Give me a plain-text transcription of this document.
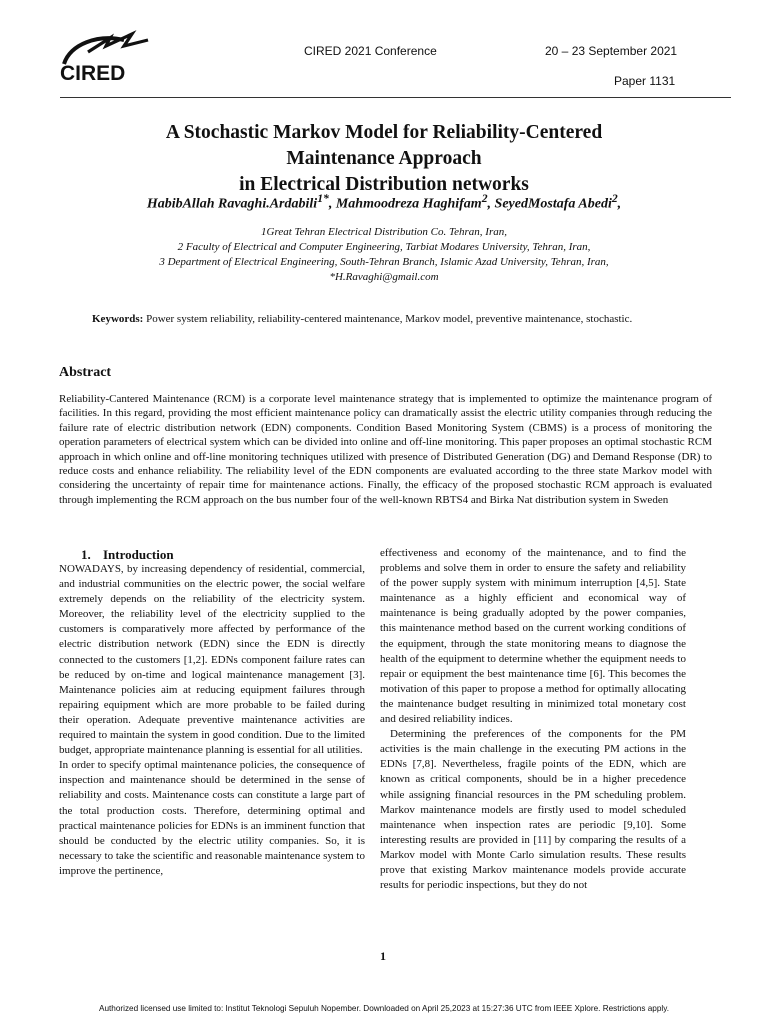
CIRED
CIRED 2021 Conference	20 – 23 September 2021
Paper 1131
A Stochastic Markov Model for Reliability-Centered
Maintenance Approach
in Electrical Distribution networks
HabibAllah Ravaghi.Ardabili$^{1*}$, Mahmoodreza Haghifam$^2$, SeyedMostafa Abedi$^2$,
1Great Tehran Electrical Distribution Co. Tehran, Iran,
2 Faculty of Electrical and Computer Engineering, Tarbiat Modares University, Tehran, Iran,
3 Department of Electrical Engineering, South-Tehran Branch, Islamic Azad University, Tehran, Iran,
*H.Ravaghi@gmail.com
Keywords: Power system reliability, reliability-centered maintenance, Markov model, preventive maintenance, stochastic.
Abstract
Reliability-Cantered Maintenance (RCM) is a corporate level maintenance strategy that is implemented to optimize the maintenance program of facilities. In this regard, providing the most efficient maintenance policy can dramatically assist the electric utility companies through reducing the failure rate of electric distribution network (EDN) components. Condition Based Monitoring System (CBMS) is a process of monitoring the operation parameters of electrical system which can be divided into online and off-line monitoring. This paper proposes an optimal stochastic RCM approach in which online and off-line monitoring techniques utilized with presence of Distributed Generation (DG) and Demand Response (DR) to reduce costs and enhance reliability. The reliability level of the EDN components are evaluated according to the three state Markov model with considering the uncertainty of repair time for maintenance actions. Finally, the efficacy of the proposed stochastic RCM approach is evaluated through implementing the RCM approach on the bus number four of the well-known RBTS4 and Birka Nat distribution system in Sweden
1. Introduction

NOWADAYS, by increasing dependency of residential, commercial, and industrial communities on the electric power, the social welfare extremely depends on the reliability of the electricity system. Moreover, the reliability level of the electricity supplied to the customers is comparatively more affected by performance of the electric distribution network (EDN) since the EDN is directly connected to the customers [1,2]. EDNs component failure rates can be reduced by on-time and logical maintenance management [3]. Maintenance policies aim at reducing equipment failures through repairing equipment which are more probable to be failed during their operation. Adequate preventive maintenance activities are required to maintain the system in good condition. Due to the limited budget, appropriate maintenance planning is essential for all utilities.

In order to specify optimal maintenance policies, the consequence of inspection and maintenance should be determined in the sense of reliability and costs. Maintenance costs can constitute a large part of the total production costs. Therefore, determining optimal and practical maintenance policies for EDNs is an imminent function that should be conducted by the electric utility companies. So, it is necessary to take the scientific and reasonable maintenance system to improve the pertinence,

effectiveness and economy of the maintenance, and to find the problems and solve them in order to ensure the safety and reliability of the power supply system with minimum interruption [4,5]. State maintenance as a highly efficient and economical way of maintenance is being gradually adopted by the power companies, this maintenance method based on the current working conditions of the equipment, through the state monitoring means to diagnose the health of the equipment to determine whether the equipment needs to repair or equipment the best maintenance time [6]. This becomes the motivation of this paper to propose a method for optimally allocating the maintenance budget resulting in minimized total monetary cost and desired reliability indices.

Determining the preferences of the components for the PM activities is the main challenge in the executing PM actions in the EDNs [7,8]. Nevertheless, fragile points of the EDN, which are known as critical components, should be in a higher precedence while assigning financial resources in the PM scheduling problem. Markov maintenance models are firstly used to model scheduled maintenance when inspection rates are periodic [9,10]. Some interesting results are provided in [11] by comparing the results of a Markov model with Monte Carlo simulation results. These results prove that existing Markov maintenance models provide accurate results for periodic inspections, but they do not

1
Authorized licensed use limited to: Institut Teknologi Sepuluh Nopember. Downloaded on April 25,2023 at 15:27:36 UTC from IEEE Xplore. Restrictions apply.
